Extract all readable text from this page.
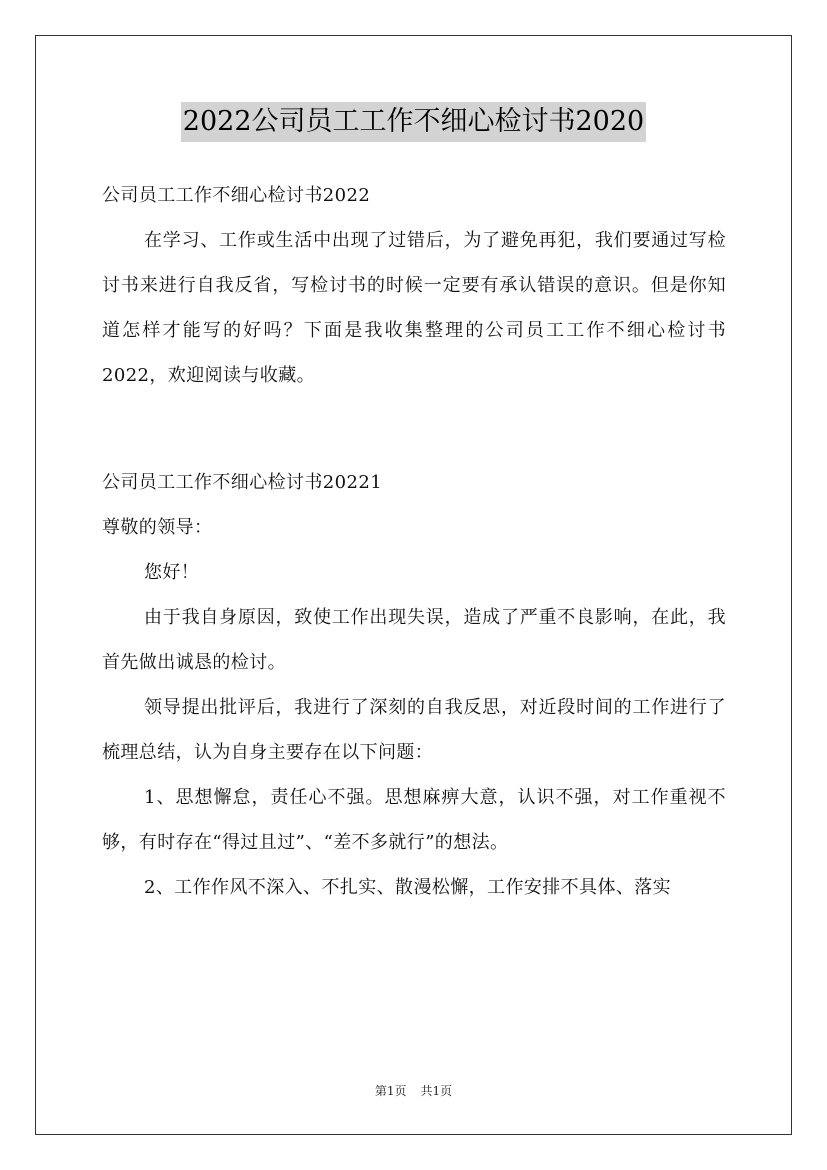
2022公司员工工作不细心检讨书2020

公司员工工作不细心检讨书2022

在学习、工作或生活中出现了过错后，为了避免再犯，我们要通过写检讨书来进行自我反省，写检讨书的时候一定要有承认错误的意识。但是你知道怎样才能写的好吗？下面是我收集整理的公司员工工作不细心检讨书2022，欢迎阅读与收藏。

公司员工工作不细心检讨书20221

尊敬的领导：

您好！

由于我自身原因，致使工作出现失误，造成了严重不良影响，在此，我首先做出诚恳的检讨。

领导提出批评后，我进行了深刻的自我反思，对近段时间的工作进行了梳理总结，认为自身主要存在以下问题：

1、思想懈怠，责任心不强。思想麻痹大意，认识不强，对工作重视不够，有时存在“得过且过”、“差不多就行”的想法。

2、工作作风不深入、不扎实、散漫松懈，工作安排不具体、落实

第1页 共1页
